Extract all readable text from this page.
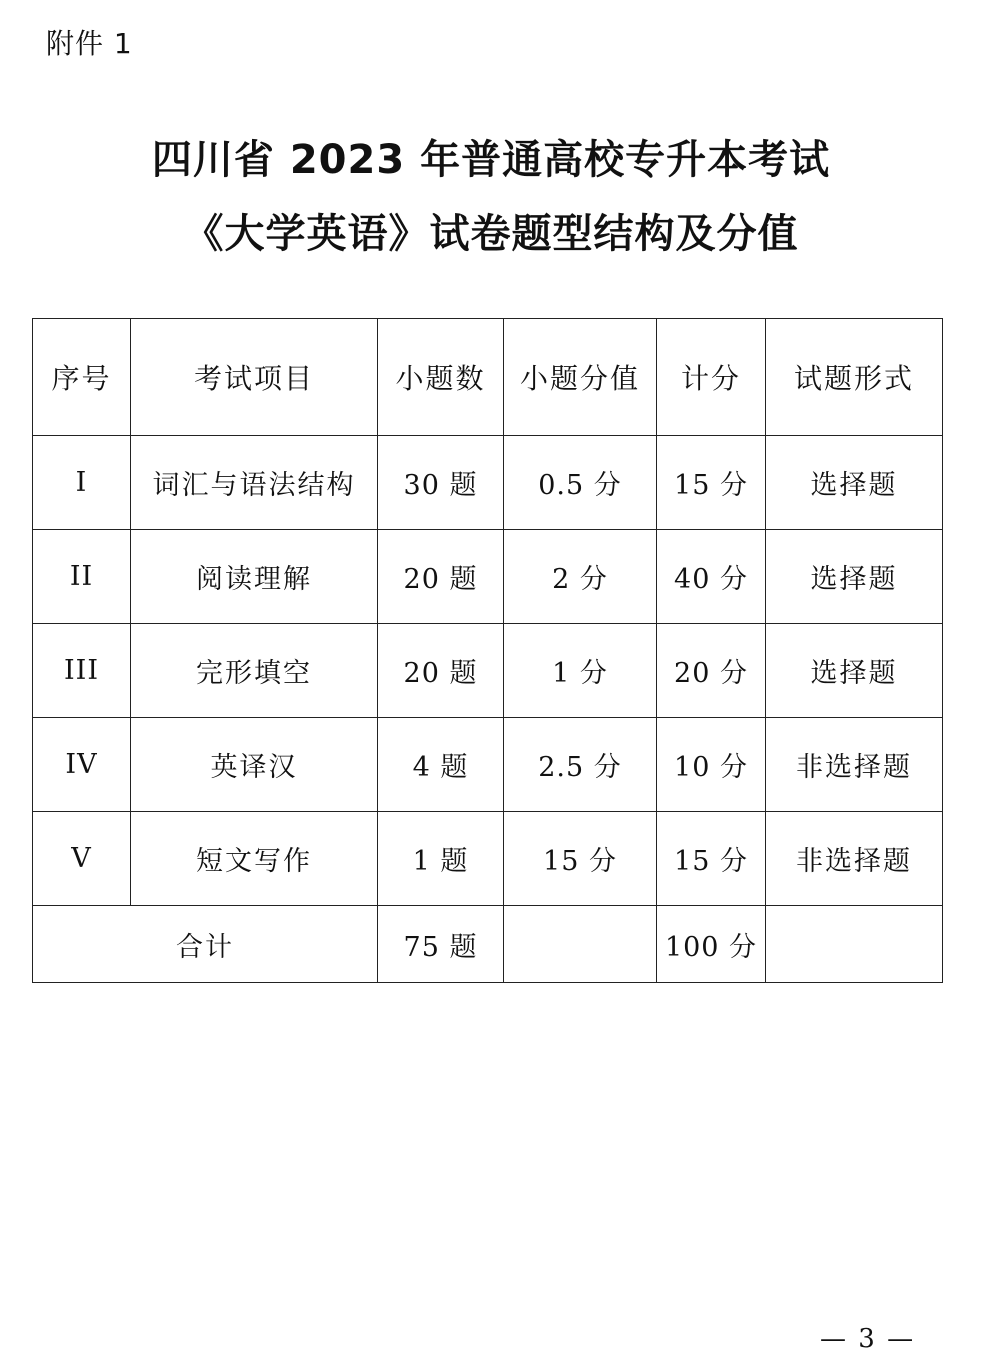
附件 1
四川省 2023 年普通高校专升本考试
《大学英语》试卷题型结构及分值
序号	考试项目	小题数	小题分值	计分	试题形式
I	词汇与语法结构	30 题	0.5 分	15 分	选择题
II	阅读理解	20 题	2 分	40 分	选择题
III	完形填空	20 题	1 分	20 分	选择题
IV	英译汉	4 题	2.5 分	10 分	非选择题
V	短文写作	1 题	15 分	15 分	非选择题
合计		75 题		100 分	
— 3 —
